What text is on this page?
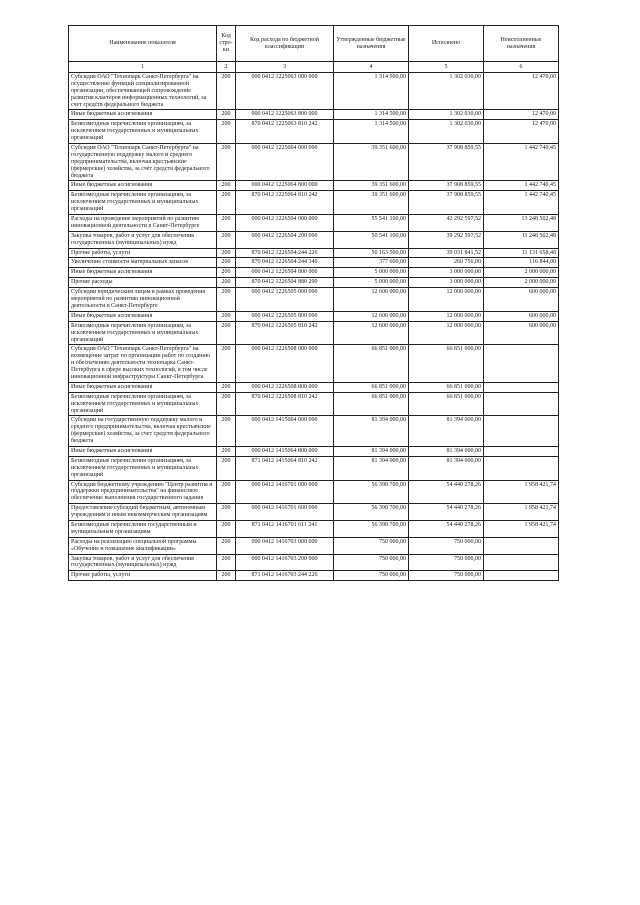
Наименование показателя	Код стро- ки	Код расхода по бюджетной классификации	Утвержденные бюджетные назначения	Исполнено	Неисполненные назначения
1	2	3	4	5	6
Субсидия ОАО "Технопарк Санкт-Петербурга" на осуществление функций специализированной организации, обеспечивающей сопровождение развития кластеров информационных технологий, за счет средств федерального бюджета	200	000 0412 1225063 000 000	1 314 500,00	1 302 030,00	12 470,00
Иные бюджетные ассигнования	200	000 0412 1225063 800 000	1 314 500,00	1 302 030,00	12 470,00
Безвозмездные перечисления организациям, за исключением государственных и муниципальных организаций	200	870 0412 1225063 810 242	1 314 500,00	1 302 030,00	12 470,00
Субсидия ОАО "Технопарк Санкт-Петербурга" на государственную поддержку малого и среднего предпринимательства, включая крестьянские (фермерские) хозяйства, за счёт средств федерального бюджета	200	000 0412 1225064 000 000	39 351 600,00	37 908 859,55	1 442 740,45
Иные бюджетные ассигнования	200	000 0412 1225064 800 000	39 351 600,00	37 908 859,55	1 442 740,45
Безвозмездные перечисления организациям, за исключением государственных и муниципальных организаций	200	870 0412 1225064 810 242	39 351 600,00	37 908 859,55	1 442 740,45
Расходы на проведение мероприятий по развитию инновационной деятельности в Санкт-Петербурге	200	000 0412 1226504 000 000	55 541 100,00	42 292 597,52	13 248 502,48
Закупка товаров, работ и услуг для обеспечения государственных (муниципальных) нужд	200	000 0412 1226504 200 000	50 541 100,00	39 292 597,52	11 248 502,48
Прочие работы, услуги	200	870 0412 1226504 244 226	50 163 500,00	39 031 841,52	11 131 658,48
Увеличение стоимости материальных запасов	200	870 0412 1226504 244 340	377 600,00	260 756,00	116 844,00
Иные бюджетные ассигнования	200	000 0412 1226504 800 000	5 000 000,00	3 000 000,00	2 000 000,00
Прочие расходы	200	870 0412 1226504 880 290	5 000 000,00	3 000 000,00	2 000 000,00
Субсидии юридическим лицам в рамках проведения мероприятий по развитию инновационной деятельности в Санкт-Петербурге	200	000 0412 1226505 000 000	12 600 000,00	12 000 000,00	600 000,00
Иные бюджетные ассигнования	200	000 0412 1226505 800 000	12 600 000,00	12 000 000,00	600 000,00
Безвозмездные перечисления организациям, за исключением государственных и муниципальных организаций	200	870 0412 1226505 810 242	12 600 000,00	12 000 000,00	600 000,00
Субсидия ОАО "Технопарк Санкт-Петербурга" на возмещение затрат по организации работ по созданию и обеспечению деятельности технопарка Санкт-Петербурга в сфере высоких технологий, в том числе инновационной инфраструктуры Санкт-Петербурга	200	000 0412 1226508 000 000	66 851 000,00	66 851 000,00	
Иные бюджетные ассигнования	200	000 0412 1226508 800 000	66 851 000,00	66 851 000,00	
Безвозмездные перечисления организациям, за исключением государственных и муниципальных организаций	200	870 0412 1226508 810 242	66 851 000,00	66 851 000,00	
Субсидии на государственную поддержку малого и среднего предпринимательства, включая крестьянские (фермерские) хозяйства, за счет средств федерального бюджета	200	000 0412 1415064 000 000	81 394 000,00	81 394 000,00	
Иные бюджетные ассигнования	200	000 0412 1415064 800 000	81 394 000,00	81 394 000,00	
Безвозмездные перечисления организациям, за исключением государственных и муниципальных организаций	200	871 0412 1415064 810 242	81 394 000,00	81 394 000,00	
Субсидия бюджетному учреждению "Центр развития и поддержки предпринимательства" на финансовое обеспечение выполнения государственного задания	200	000 0412 1416701 000 000	56 398 700,00	54 440 278,26	1 958 421,74
Предоставление субсидий бюджетным, автономным учреждениям и иным некоммерческим организациям	200	000 0412 1416701 600 000	56 398 700,00	54 440 278,26	1 958 421,74
Безвозмездные перечисления государственным и муниципальным организациям	200	871 0412 1416701 611 241	56 398 700,00	54 440 278,26	1 958 421,74
Расходы на реализацию специальной программы «Обучение и повышение квалификации»	200	000 0412 1416703 000 000	750 000,00	750 000,00	
Закупка товаров, работ и услуг для обеспечения государственных (муниципальных) нужд	200	000 0412 1416703 200 000	750 000,00	750 000,00	
Прочие работы, услуги	200	871 0412 1416703 244 226	750 000,00	750 000,00	
